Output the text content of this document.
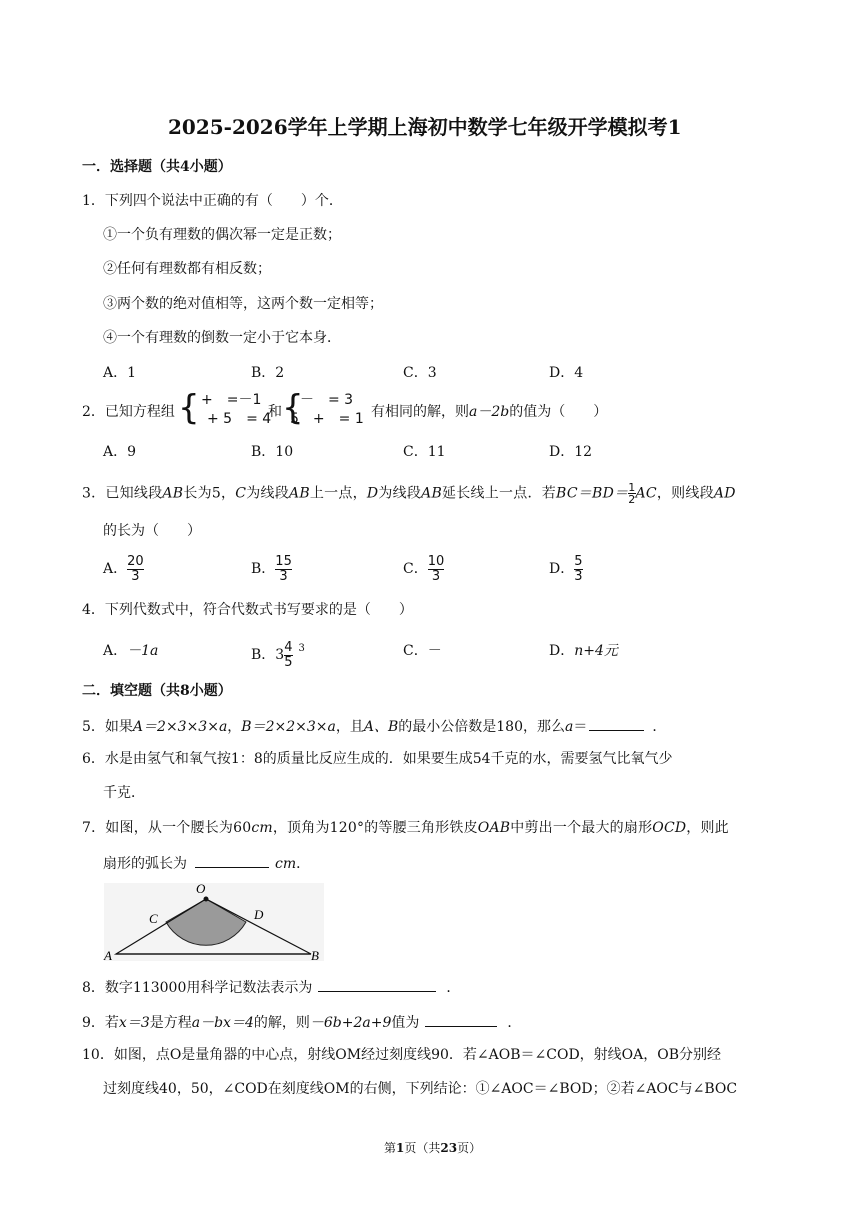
2025-2026学年上学期上海初中数学七年级开学模拟考1
一．选择题（共4小题）
1．下列四个说法中正确的有（　　）个．
①一个负有理数的偶次幂一定是正数；
②任何有理数都有相反数；
③两个数的绝对值相等，这两个数一定相等；
④一个有理数的倒数一定小于它本身．
A．1	B．2	C．3	D．4
2．已知方程组 { +　=－1
+ 5　= 4
和 {
－　= 3
5　+　= 1 有相同的解，则a－2b的值为（　　）
A．9	B．10	C．11	D．12
3．已知线段AB长为5，C为线段AB上一点，D为线段AB延长线上一点．若$BC=BD= \frac{1}{2}$ AC，则线段AD
的长为（　　）
A． $\frac{20}{3}$	B． $\frac{15}{3}$	C． $\frac{10}{3}$	D． $\frac{5}{3}$
4．下列代数式中，符合代数式书写要求的是（　　）
A．－1a	B．$3 \frac{4}{5} ^3$	C．－	D．n+4元
二．填空题（共8小题）
5．如果A＝2×3×3×a，B＝2×2×3×a，且A、B的最小公倍数是180，那么a＝	．
6．水是由氢气和氧气按1：8的质量比反应生成的．如果要生成54千克的水，需要氢气比氧气少
千克．
7．如图，从一个腰长为60cm，顶角为120°的等腰三角形铁皮OAB中剪出一个最大的扇形OCD，则此
扇形的弧长为	cm．
O
C	D
A	B
8．数字113000用科学记数法表示为	．
9．若x＝3是方程a－bx＝4的解，则－6b+2a+9值为	．
10．如图，点O是量角器的中心点，射线OM经过刻度线90．若∠AOB＝∠COD，射线OA，OB分别经
过刻度线40，50，∠COD在刻度线OM的右侧，下列结论：①∠AOC＝∠BOD；②若∠AOC与∠BOC
第1页（共23页）
